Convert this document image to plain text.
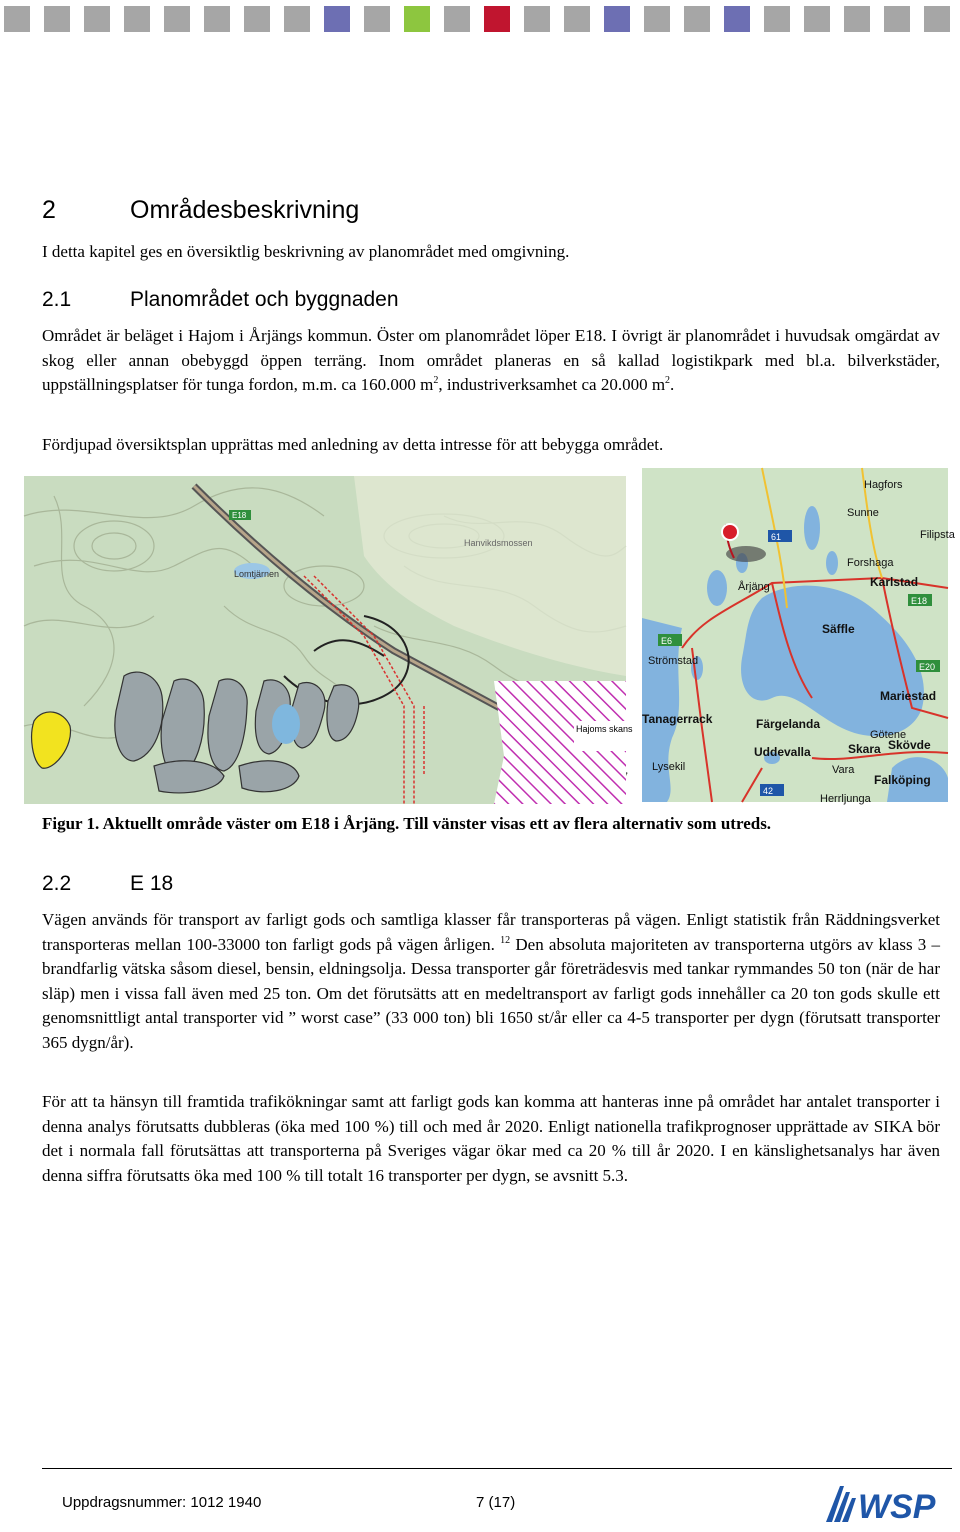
2	Områdesbeskrivning

I detta kapitel ges en översiktlig beskrivning av planområdet med omgivning.

2.1	Planområdet och byggnaden

Området är beläget i Hajom i Årjängs kommun. Öster om planområdet löper E18. I övrigt är planområdet i huvudsak omgärdat av skog eller annan obebyggd öppen terräng. Inom området planeras en så kallad logistikpark med bl.a. bilverkstäder, uppställningsplatser för tunga fordon, m.m. ca 160.000 $m^2$, industriverksamhet ca 20.000 $m^2$.

Fördjupad översiktsplan upprättas med anledning av detta intresse för att bebygga området.

Lomtjärnen
Hanvikdsmossen
E18
Hajoms skans
Hagfors
Sunne
Forshaga
Filipsta
Karlstad
Årjäng
Säffle
Strömstad
Mariestad
Tanagerrack	Färgelanda
Götene
Uddevalla	Skara Skövde
Lysekil	Vara
Falköping
Herrljunga
61
E18
E6
E20
42

Figur 1. Aktuellt område väster om E18 i Årjäng. Till vänster visas ett av flera alternativ som utreds.

2.2	E 18

Vägen används för transport av farligt gods och samtliga klasser får transporteras på vägen. Enligt statistik från Räddningsverket transporteras mellan 100-33000 ton farligt gods på vägen årligen. $^{12}$ Den absoluta majoriteten av transporterna utgörs av klass 3 – brandfarlig vätska såsom diesel, bensin, eldningsolja. Dessa transporter går företrädesvis med tankar rymmandes 50 ton (när de har släp) men i vissa fall även med 25 ton. Om det förutsätts att en medeltransport av farligt gods innehåller ca 20 ton gods skulle ett genomsnittligt antal transporter vid ” worst case” (33 000 ton) bli 1650 st/år eller ca 4-5 transporter per dygn (förutsatt transporter 365 dygn/år).

För att ta hänsyn till framtida trafikökningar samt att farligt gods kan komma att hanteras inne på området har antalet transporter i denna analys förutsatts dubbleras (öka med 100 %) till och med år 2020. Enligt nationella trafikprognoser upprättade av SIKA bör det i normala fall förutsättas att transporterna på Sveriges vägar ökar med ca 20 % till år 2020. I en känslighetsanalys har även denna siffra förutsatts öka med 100 % till totalt 16 transporter per dygn, se avsnitt 5.3.

Uppdragsnummer: 1012 1940	7 (17)	WSP
